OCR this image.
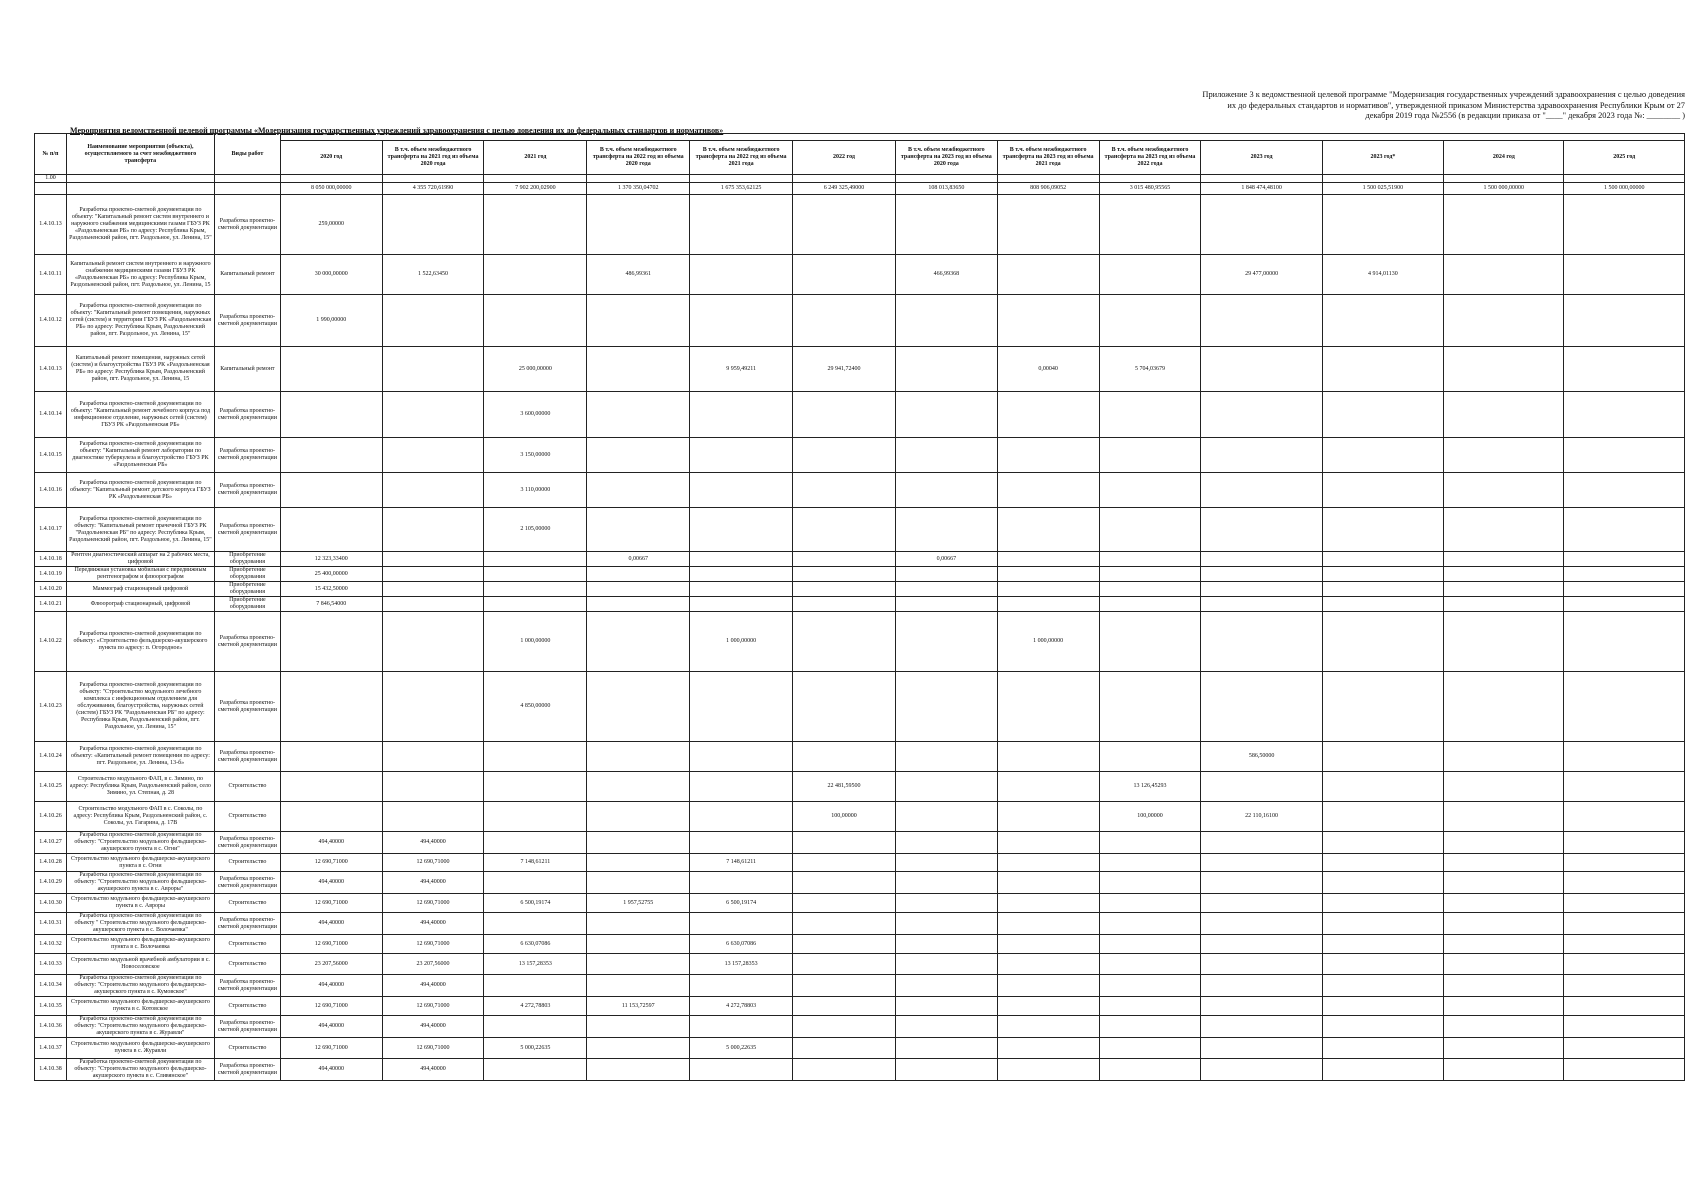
Приложение 3 к ведомственной целевой программе "Модернизация государственных учреждений здравоохранения с целью доведения
их до федеральных стандартов и нормативов", утвержденной приказом Министерства здравоохранения Республики Крым от 27
декабря 2019 года №2556 (в редакции приказа от "____" декабря 2023 года №: ________ )
Мероприятия ведомственной целевой программы «Модернизация государственных учреждений здравоохранения с целью доведения их до федеральных стандартов и нормативов»
№ п/п	Наименование мероприятия (объекта), осуществляемого за счет межбюджетного трансферта	Виды работ													
			2020 год	В т.ч. объем межбюджетного трансферта на 2021 год из объема 2020 года	2021 год	В т.ч. объем межбюджетного трансферта на 2022 год из объема 2020 года	В т.ч. объем межбюджетного трансферта на 2022 год из объема 2021 года	2022 год	В т.ч. объем межбюджетного трансферта на 2023 год из объема 2020 года	В т.ч. объем межбюджетного трансферта на 2023 год из объема 2021 года	В т.ч. объем межбюджетного трансферта на 2023 год из объема 2022 года	2023 год	2023 год*	2024 год	2025 год
1.00															
			8 050 000,00000	4 355 720,61990	7 902 200,02900	1 370 350,04702	1 675 353,62125	6 249 325,49000	108 013,83650	808 906,09052	3 015 480,95565	1 848 474,48100	1 500 025,51900	1 500 000,00000	1 500 000,00000
1.4.10.13	Разработка проектно-сметной документации по объекту: "Капитальный ремонт систем внутреннего и наружного снабжения медицинскими газами ГБУЗ РК «Раздольненская РБ» по адресу: Республика Крым, Раздольненский район, пгт. Раздольное, ул. Ленина, 15"	Разработка проектно-сметной документации	259,00000												
1.4.10.11	Капитальный ремонт систем внутреннего и наружного снабжения медицинскими газами ГБУЗ РК «Раздольненская РБ» по адресу: Республика Крым, Раздольненский район, пгт. Раздольное, ул. Ленина, 15	Капитальный ремонт	30 000,00000	1 522,63450		486,99361			466,99368			29 477,00000	4 914,01130		
1.4.10.12	Разработка проектно-сметной документации по объекту: "Капитальный ремонт помещения, наружных сетей (систем) и территории ГБУЗ РК «Раздольненская РБ» по адресу: Республика Крым, Раздольненский район, пгт. Раздольное, ул. Ленина, 15"	Разработка проектно-сметной документации	1 990,00000												
1.4.10.13	Капитальный ремонт помещения, наружных сетей (систем) и благоустройства ГБУЗ РК «Раздольненская РБ» по адресу: Республика Крым, Раздольненский район, пгт. Раздольное, ул. Ленина, 15	Капитальный ремонт			25 000,00000		9 959,49211	29 941,72400		0,00040	5 704,03679				
1.4.10.14	Разработка проектно-сметной документации по объекту: "Капитальный ремонт лечебного корпуса под инфекционное отделение, наружных сетей (систем) ГБУЗ РК «Раздольненская РБ»	Разработка проектно-сметной документации			3 600,00000										
1.4.10.15	Разработка проектно-сметной документации по объекту: "Капитальный ремонт лаборатории по диагностике туберкулеза и благоустройство ГБУЗ РК «Раздольненская РБ»	Разработка проектно-сметной документации			3 150,00000										
1.4.10.16	Разработка проектно-сметной документации по объекту: "Капитальный ремонт детского корпуса ГБУЗ РК «Раздольненская РБ»	Разработка проектно-сметной документации			3 110,00000										
1.4.10.17	Разработка проектно-сметной документации по объекту: "Капитальный ремонт прачечной ГБУЗ РК "Раздольненская РБ" по адресу: Республика Крым, Раздольненский район, пгт. Раздольное, ул. Ленина, 15"	Разработка проектно-сметной документации			2 105,00000										
1.4.10.18	Рентген диагностический аппарат на 2 рабочих места, цифровой	Приобретение оборудования	12 323,33400			0,00667			0,00667						
1.4.10.19	Передвижная установка мобильная с передвижным рентгенографом и флюорографом	Приобретение оборудования	25 400,00000												
1.4.10.20	Маммограф стационарный цифровой	Приобретение оборудования	15 432,50000												
1.4.10.21	Флюорограф стационарный, цифровой	Приобретение оборудования	7 846,54000												
1.4.10.22	Разработка проектно-сметной документации по объекту: «Строительство фельдшерско-акушерского пункта по адресу: п. Огородное»	Разработка проектно-сметной документации			1 000,00000		1 000,00000			1 000,00000					
1.4.10.23	Разработка проектно-сметной документации по объекту: "Строительство модульного лечебного комплекса с инфекционным отделением для обслуживания, благоустройства, наружных сетей (систем) ГБУЗ РК "Раздольненская РБ" по адресу: Республика Крым, Раздольненский район, пгт. Раздольное, ул. Ленина, 15"	Разработка проектно-сметной документации			4 850,00000										
1.4.10.24	Разработка проектно-сметной документации по объекту: «Капитальный ремонт помещения по адресу: пгт. Раздольное, ул. Ленина, 13-б»	Разработка проектно-сметной документации										586,50000			
1.4.10.25	Строительство модульного ФАП, в с. Зимино, по адресу: Республика Крым, Раздольненский район, село Зимино, ул. Степная, д. 28	Строительство						22 481,59500			13 126,45293				
1.4.10.26	Строительство модульного ФАП в с. Соколы, по адресу: Республика Крым, Раздольненский район, с. Соколы, ул. Гагарина, д. 17В	Строительство						100,00000			100,00000	22 110,16100			
1.4.10.27	Разработка проектно-сметной документации по объекту: "Строительство модульного фельдшерско-акушерского пункта в с. Огни"	Разработка проектно-сметной документации	494,40000	494,40000											
1.4.10.28	Строительство модульного фельдшерско-акушерского пункта в с. Огни	Строительство	12 690,71000	12 690,71000	7 148,61211		7 148,61211								
1.4.10.29	Разработка проектно-сметной документации по объекту: "Строительство модульного фельдшерско-акушерского пункта в с. Авроры"	Разработка проектно-сметной документации	494,40000	494,40000											
1.4.10.30	Строительство модульного фельдшерско-акушерского пункта в с. Авроры	Строительство	12 690,71000	12 690,71000	6 500,19174	1 957,52755	6 500,19174								
1.4.10.31	Разработка проектно-сметной документации по объекту " Строительство модульного фельдшерско-акушерского пункта в с. Волочаевка"	Разработка проектно-сметной документации	494,40000	494,40000											
1.4.10.32	Строительство модульного фельдшерско-акушерского пункта в с. Волочаевка	Строительство	12 690,71000	12 690,71000	6 630,07086		6 630,07086								
1.4.10.33	Строительство модульной врачебной амбулатории в с. Новоселовское	Строительство	23 207,56000	23 207,56000	13 157,28353		13 157,28353								
1.4.10.34	Разработка проектно-сметной документации по объекту: "Строительство модульного фельдшерско-акушерского пункта в с. Кумовское"	Разработка проектно-сметной документации	494,40000	494,40000											
1.4.10.35	Строительство модульного фельдшерско-акушерского пункта в с. Котовское	Строительство	12 690,71000	12 690,71000	4 272,78803	11 153,72597	4 272,78803								
1.4.10.36	Разработка проектно-сметной документации по объекту: "Строительство модульного фельдшерско-акушерского пункта в с. Журавли"	Разработка проектно-сметной документации	494,40000	494,40000											
1.4.10.37	Строительство модульного фельдшерско-акушерского пункта в с. Журавли	Строительство	12 690,71000	12 690,71000	5 000,22635		5 000,22635								
1.4.10.38	Разработка проектно-сметной документации по объекту: "Строительство модульного фельдшерско-акушерского пункта в с. Сливянское"	Разработка проектно-сметной документации	494,40000	494,40000											
